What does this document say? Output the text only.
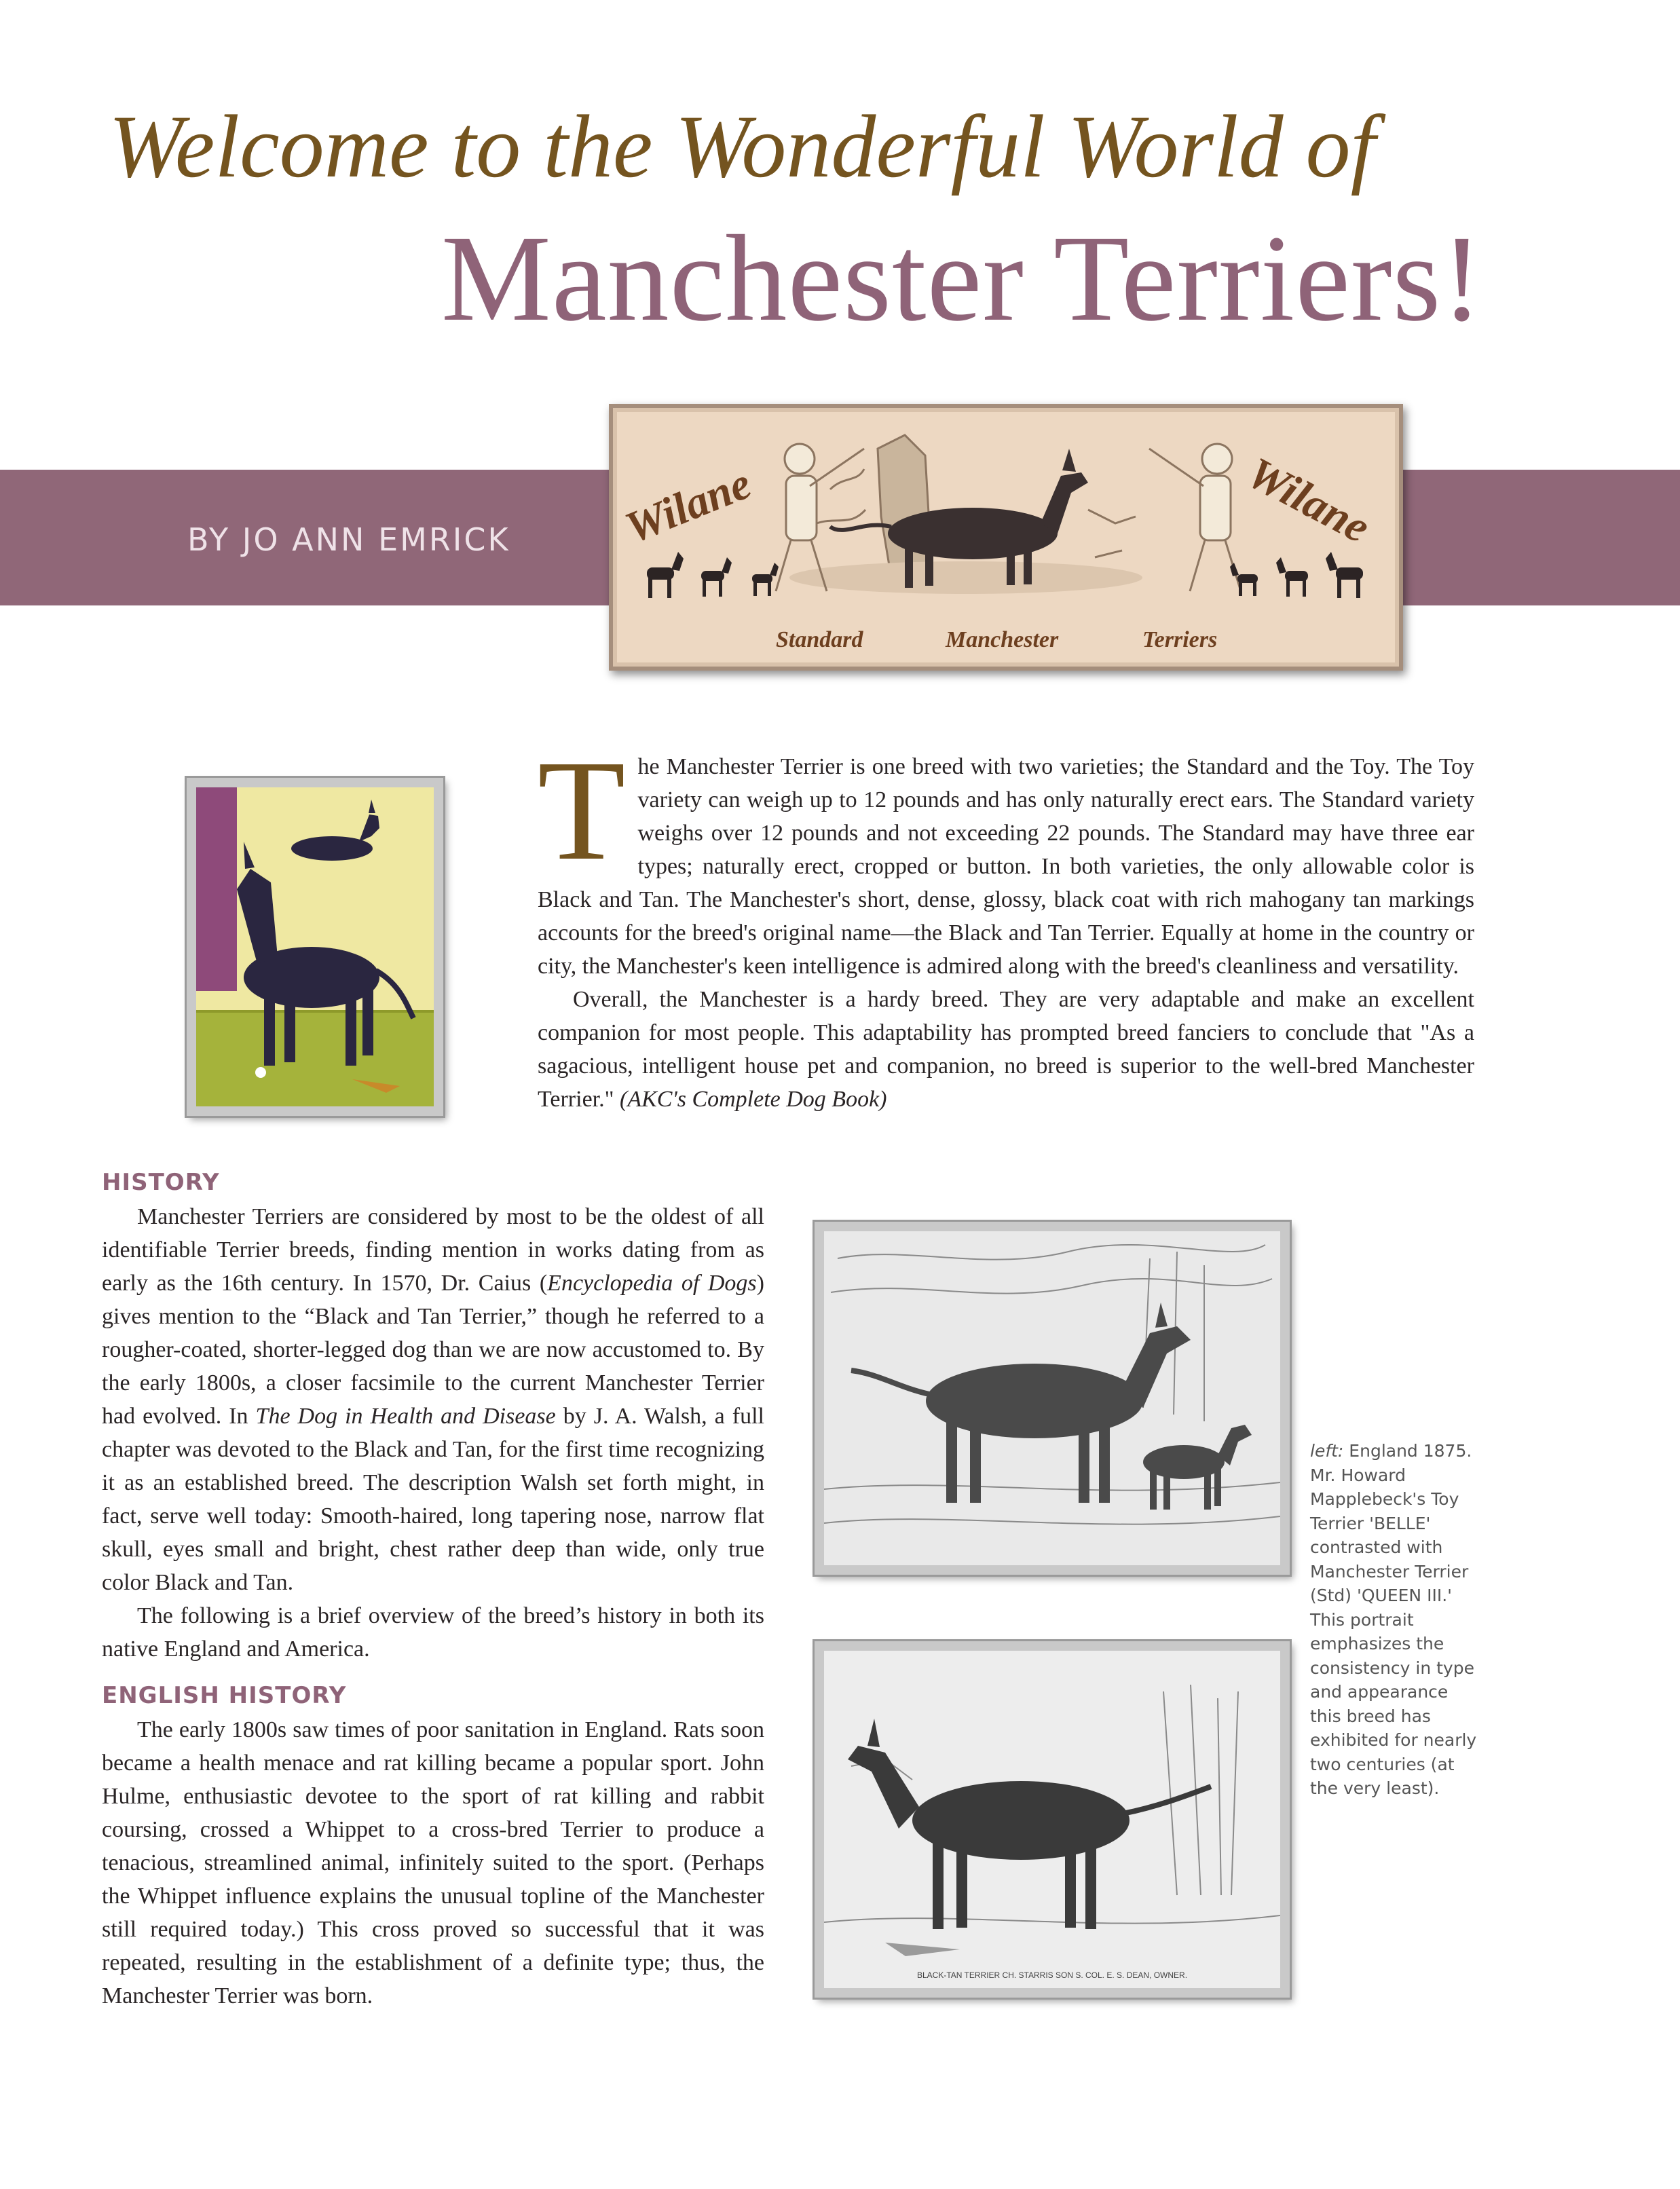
Welcome to the Wonderful World of
Manchester Terriers!
BY JO ANN EMRICK Wilane	Wilane
Standard	Manchester	Terriers

The Manchester Terrier is one breed with two varieties; the Standard and the Toy. The Toy variety can weigh up to 12 pounds and has only naturally erect ears. The Standard variety weighs over 12 pounds and not exceeding 22 pounds. The Standard may have three ear types; naturally erect, cropped or button. In both varieties, the only allowable color is Black and Tan. The Manchester's short, dense, glossy, black coat with rich mahogany tan markings accounts for the breed's original name—the Black and Tan Terrier. Equally at home in the country or city, the Manchester's keen intelligence is admired along with the breed's cleanliness and versatility.

Overall, the Manchester is a hardy breed. They are very adaptable and make an excellent companion for most people. This adaptability has prompted breed fanciers to conclude that "As a sagacious, intelligent house pet and companion, no breed is superior to the well-bred Manchester Terrier." (AKC's Complete Dog Book)

HISTORY

Manchester Terriers are considered by most to be the oldest of all identifiable Terrier breeds, finding mention in works dating from as early as the 16th century. In 1570, Dr. Caius (Encyclopedia of Dogs) gives mention to the “Black and Tan Terrier,” though he referred to a rougher-coated, shorter-legged dog than we are now accustomed to. By the early 1800s, a closer facsimile to the current Manchester Terrier had evolved. In The Dog in Health and Disease by J. A. Walsh, a full chapter was devoted to the Black and Tan, for the first time recognizing it as an established breed. The description Walsh set forth might, in fact, serve well today: Smooth-haired, long tapering nose, narrow flat skull, eyes small and bright, chest rather deep than wide, only true color Black and Tan.

The following is a brief overview of the breed’s history in both its native England and America.

ENGLISH HISTORY

The early 1800s saw times of poor sanitation in England. Rats soon became a health menace and rat killing became a popular sport. John Hulme, enthusiastic devotee to the sport of rat killing and rabbit coursing, crossed a Whippet to a cross-bred Terrier to produce a tenacious, streamlined animal, infinitely suited to the sport. (Perhaps the Whippet influence explains the unusual topline of the Manchester still required today.) This cross proved so successful that it was repeated, resulting in the establishment of a definite type; thus, the Manchester Terrier was born.

BLACK-TAN TERRIER CH. STARRIS SON S. COL. E. S. DEAN, OWNER.

left: England 1875. Mr. Howard Mapplebeck's Toy Terrier 'BELLE' contrasted with Manchester Terrier (Std) 'QUEEN III.' This portrait emphasizes the consistency in type and appearance this breed has exhibited for nearly two centuries (at the very least).
